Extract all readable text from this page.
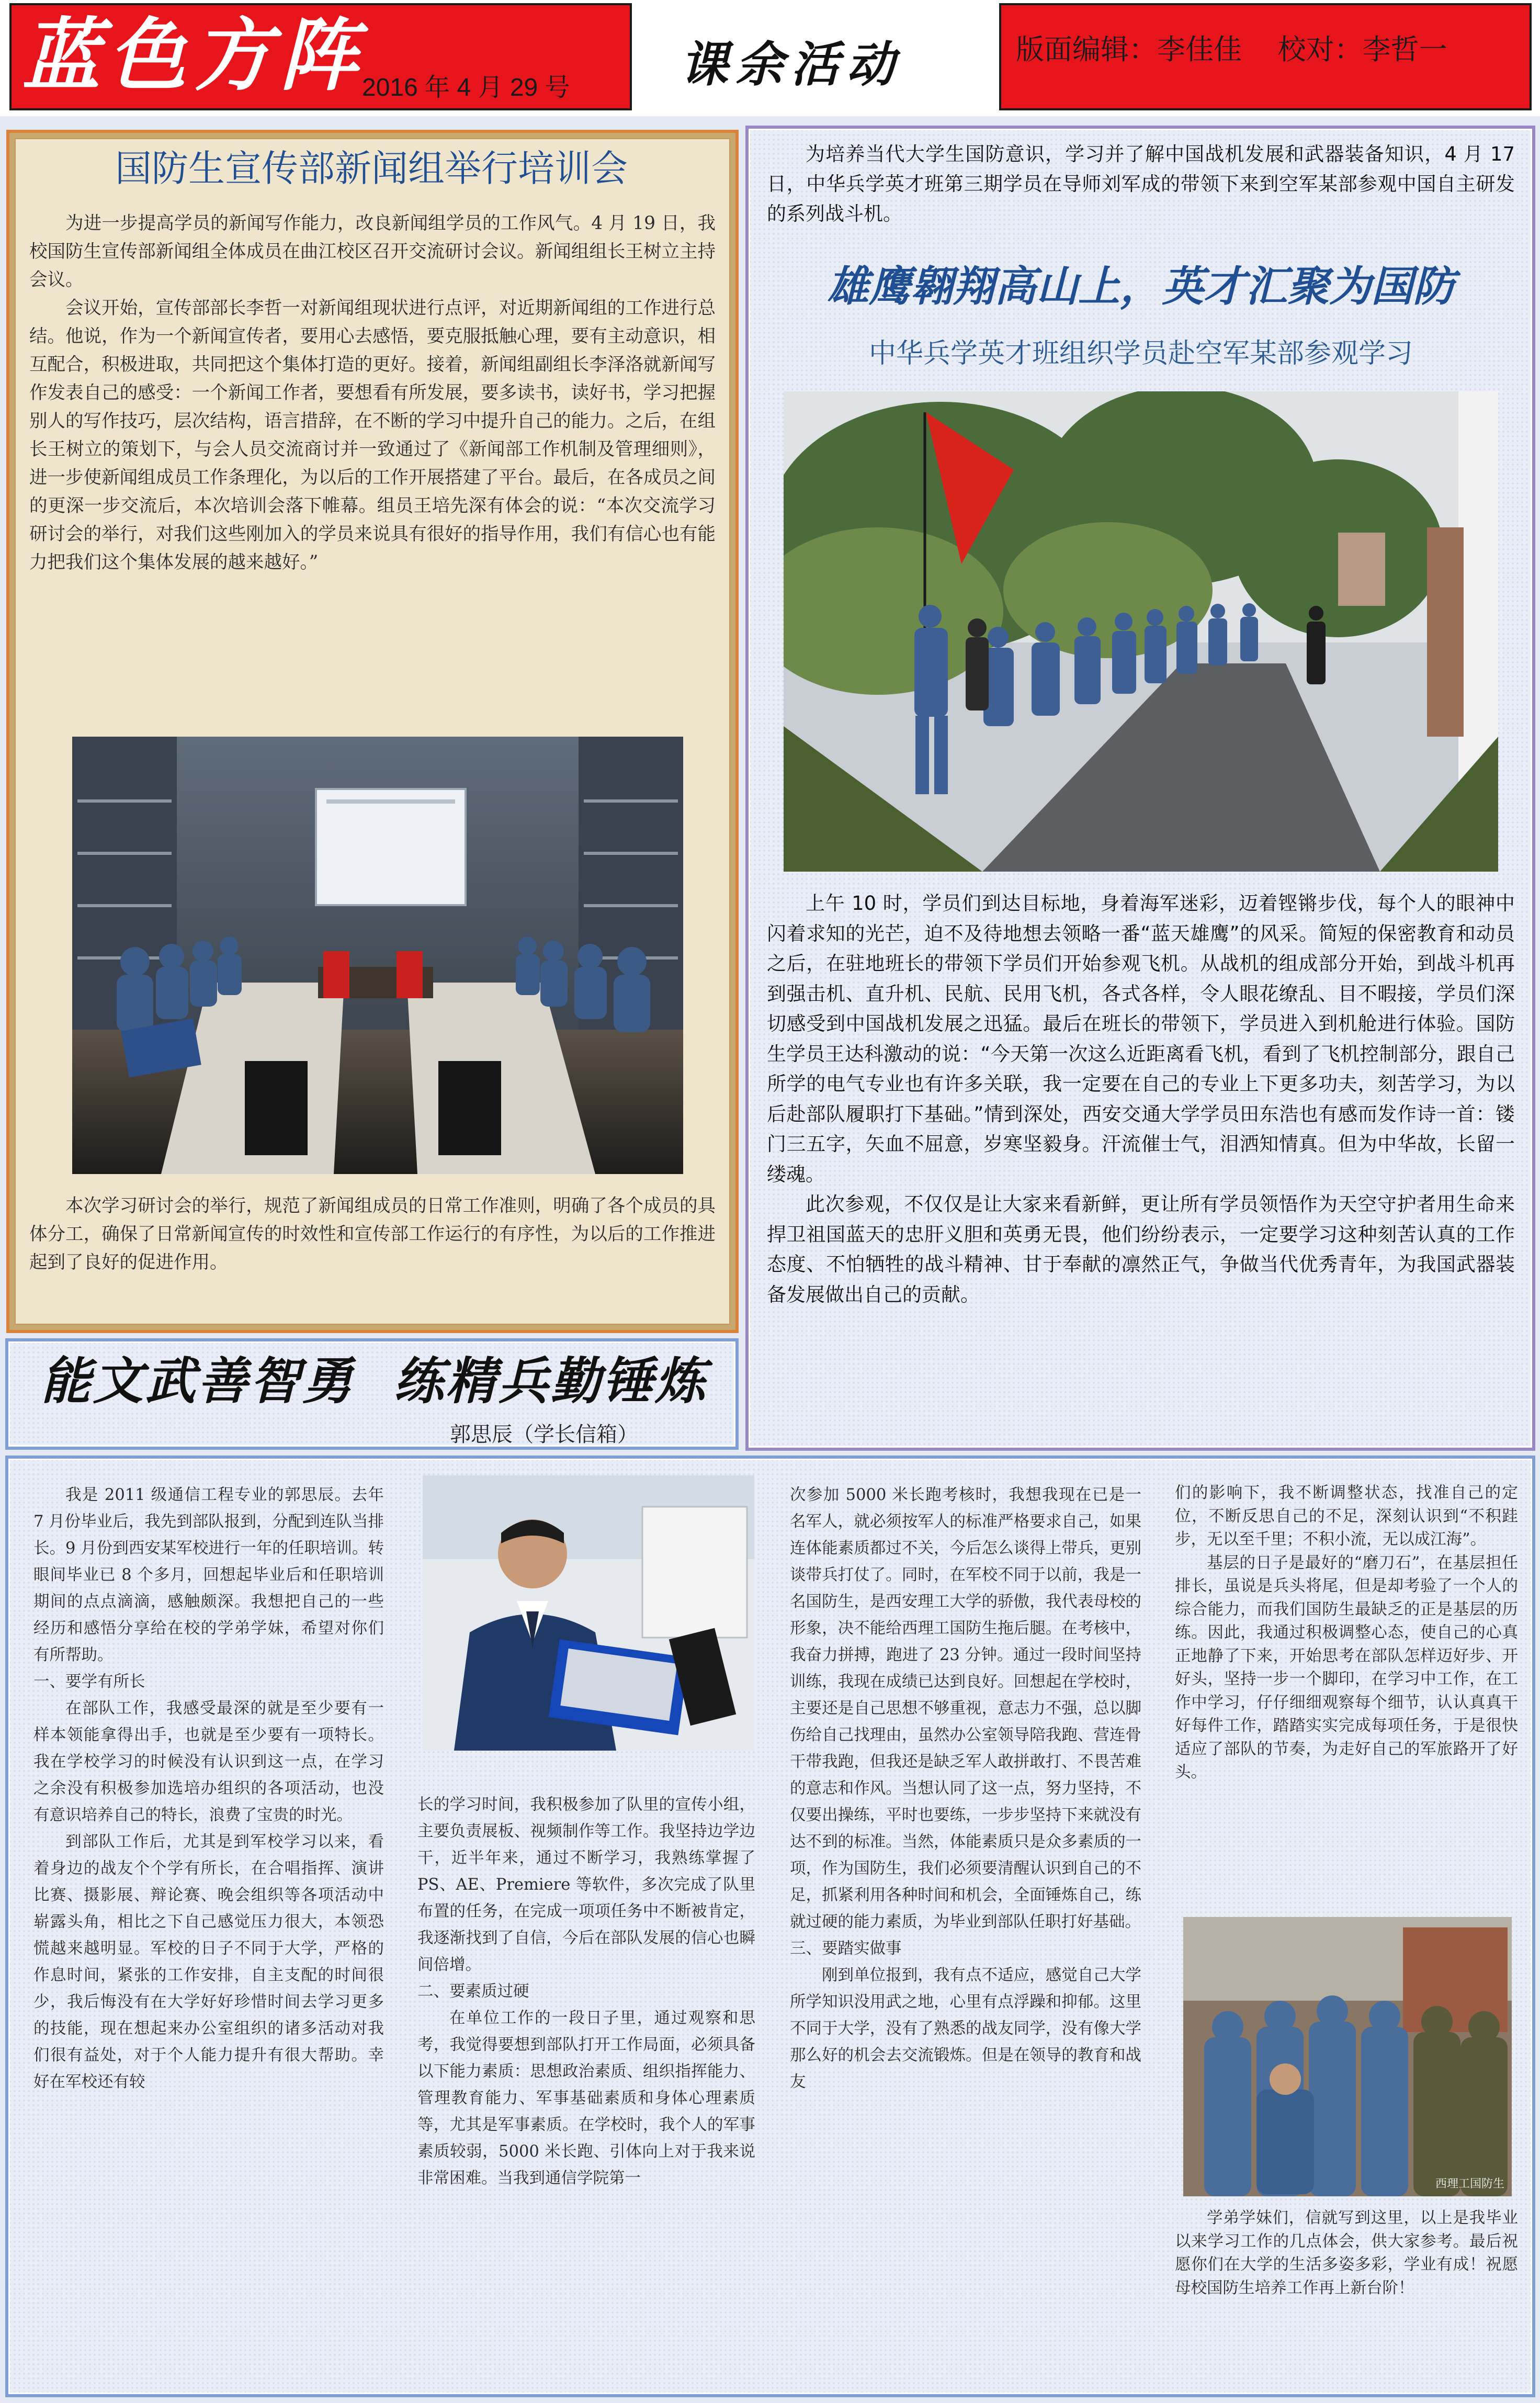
蓝色方阵
2016 年 4 月 29 号 课余活动	版面编辑：李佳佳    校对：李哲一
国防生宣传部新闻组举行培训会

为进一步提高学员的新闻写作能力，改良新闻组学员的工作风气。4 月 19 日，我校国防生宣传部新闻组全体成员在曲江校区召开交流研讨会议。新闻组组长王树立主持会议。

会议开始，宣传部部长李哲一对新闻组现状进行点评，对近期新闻组的工作进行总结。他说，作为一个新闻宣传者，要用心去感悟，要克服抵触心理，要有主动意识，相互配合，积极进取，共同把这个集体打造的更好。接着，新闻组副组长李泽洛就新闻写作发表自己的感受：一个新闻工作者，要想看有所发展，要多读书，读好书，学习把握别人的写作技巧，层次结构，语言措辞，在不断的学习中提升自己的能力。之后，在组长王树立的策划下，与会人员交流商讨并一致通过了《新闻部工作机制及管理细则》，进一步使新闻组成员工作条理化，为以后的工作开展搭建了平台。最后，在各成员之间的更深一步交流后，本次培训会落下帷幕。组员王培先深有体会的说：“本次交流学习研讨会的举行，对我们这些刚加入的学员来说具有很好的指导作用，我们有信心也有能力把我们这个集体发展的越来越好。”

本次学习研讨会的举行，规范了新闻组成员的日常工作准则，明确了各个成员的具体分工，确保了日常新闻宣传的时效性和宣传部工作运行的有序性，为以后的工作推进起到了良好的促进作用。

为培养当代大学生国防意识，学习并了解中国战机发展和武器装备知识，4 月 17 日，中华兵学英才班第三期学员在导师刘军成的带领下来到空军某部参观中国自主研发的系列战斗机。

雄鹰翱翔高山上，英才汇聚为国防
中华兵学英才班组织学员赴空军某部参观学习

上午 10 时，学员们到达目标地，身着海军迷彩，迈着铿锵步伐，每个人的眼神中闪着求知的光芒，迫不及待地想去领略一番“蓝天雄鹰”的风采。简短的保密教育和动员之后，在驻地班长的带领下学员们开始参观飞机。从战机的组成部分开始，到战斗机再到强击机、直升机、民航、民用飞机，各式各样，令人眼花缭乱、目不暇接，学员们深切感受到中国战机发展之迅猛。最后在班长的带领下，学员进入到机舱进行体验。国防生学员王达科激动的说：“今天第一次这么近距离看飞机，看到了飞机控制部分，跟自己所学的电气专业也有许多关联，我一定要在自己的专业上下更多功夫，刻苦学习，为以后赴部队履职打下基础。”情到深处，西安交通大学学员田东浩也有感而发作诗一首：镂门三五字，矢血不屈意，岁寒坚毅身。汗流催士气，泪洒知情真。但为中华故，长留一缕魂。

此次参观，不仅仅是让大家来看新鲜，更让所有学员领悟作为天空守护者用生命来捍卫祖国蓝天的忠肝义胆和英勇无畏，他们纷纷表示，一定要学习这种刻苦认真的工作态度、不怕牺牲的战斗精神、甘于奉献的凛然正气，争做当代优秀青年，为我国武器装备发展做出自己的贡献。

能文武善智勇  练精兵勤锤炼
郭思辰（学长信箱）

我是 2011 级通信工程专业的郭思辰。去年 7 月份毕业后，我先到部队报到，分配到连队当排长。9 月份到西安某军校进行一年的任职培训。转眼间毕业已 8 个多月，回想起毕业后和任职培训期间的点点滴滴，感触颇深。我想把自己的一些经历和感悟分享给在校的学弟学妹，希望对你们有所帮助。

一、要学有所长

在部队工作，我感受最深的就是至少要有一样本领能拿得出手，也就是至少要有一项特长。我在学校学习的时候没有认识到这一点，在学习之余没有积极参加选培办组织的各项活动，也没有意识培养自己的特长，浪费了宝贵的时光。

到部队工作后，尤其是到军校学习以来，看着身边的战友个个学有所长，在合唱指挥、演讲比赛、摄影展、辩论赛、晚会组织等各项活动中崭露头角，相比之下自己感觉压力很大，本领恐慌越来越明显。军校的日子不同于大学，严格的作息时间，紧张的工作安排，自主支配的时间很少，我后悔没有在大学好好珍惜时间去学习更多的技能，现在想起来办公室组织的诸多活动对我们很有益处，对于个人能力提升有很大帮助。幸好在军校还有较

长的学习时间，我积极参加了队里的宣传小组，主要负责展板、视频制作等工作。我坚持边学边干，近半年来，通过不断学习，我熟练掌握了 PS、AE、Premiere 等软件，多次完成了队里布置的任务，在完成一项项任务中不断被肯定，我逐渐找到了自信，今后在部队发展的信心也瞬间倍增。

二、要素质过硬

在单位工作的一段日子里，通过观察和思考，我觉得要想到部队打开工作局面，必须具备以下能力素质：思想政治素质、组织指挥能力、管理教育能力、军事基础素质和身体心理素质等，尤其是军事素质。在学校时，我个人的军事素质较弱，5000 米长跑、引体向上对于我来说非常困难。当我到通信学院第一

次参加 5000 米长跑考核时，我想我现在已是一名军人，就必须按军人的标准严格要求自己，如果连体能素质都过不关，今后怎么谈得上带兵，更别谈带兵打仗了。同时，在军校不同于以前，我是一名国防生，是西安理工大学的骄傲，我代表母校的形象，决不能给西理工国防生拖后腿。在考核中，我奋力拼搏，跑进了 23 分钟。通过一段时间坚持训练，我现在成绩已达到良好。回想起在学校时，主要还是自己思想不够重视，意志力不强，总以脚伤给自己找理由，虽然办公室领导陪我跑、营连骨干带我跑，但我还是缺乏军人敢拼敢打、不畏苦难的意志和作风。当想认同了这一点，努力坚持，不仅要出操练，平时也要练，一步步坚持下来就没有达不到的标准。当然，体能素质只是众多素质的一项，作为国防生，我们必须要清醒认识到自己的不足，抓紧利用各种时间和机会，全面锤炼自己，练就过硬的能力素质，为毕业到部队任职打好基础。

三、要踏实做事

刚到单位报到，我有点不适应，感觉自己大学所学知识没用武之地，心里有点浮躁和抑郁。这里不同于大学，没有了熟悉的战友同学，没有像大学那么好的机会去交流锻炼。但是在领导的教育和战友

们的影响下，我不断调整状态，找准自己的定位，不断反思自己的不足，深刻认识到“不积跬步，无以至千里；不积小流，无以成江海”。

基层的日子是最好的“磨刀石”，在基层担任排长，虽说是兵头将尾，但是却考验了一个人的综合能力，而我们国防生最缺乏的正是基层的历练。因此，我通过积极调整心态，使自己的心真正地静了下来，开始思考在部队怎样迈好步、开好头，坚持一步一个脚印，在学习中工作，在工作中学习，仔仔细细观察每个细节，认认真真干好每件工作，踏踏实实完成每项任务，于是很快适应了部队的节奏，为走好自己的军旅路开了好头。

西理工国防生

学弟学妹们，信就写到这里，以上是我毕业以来学习工作的几点体会，供大家参考。最后祝愿你们在大学的生活多姿多彩，学业有成！祝愿母校国防生培养工作再上新台阶！
